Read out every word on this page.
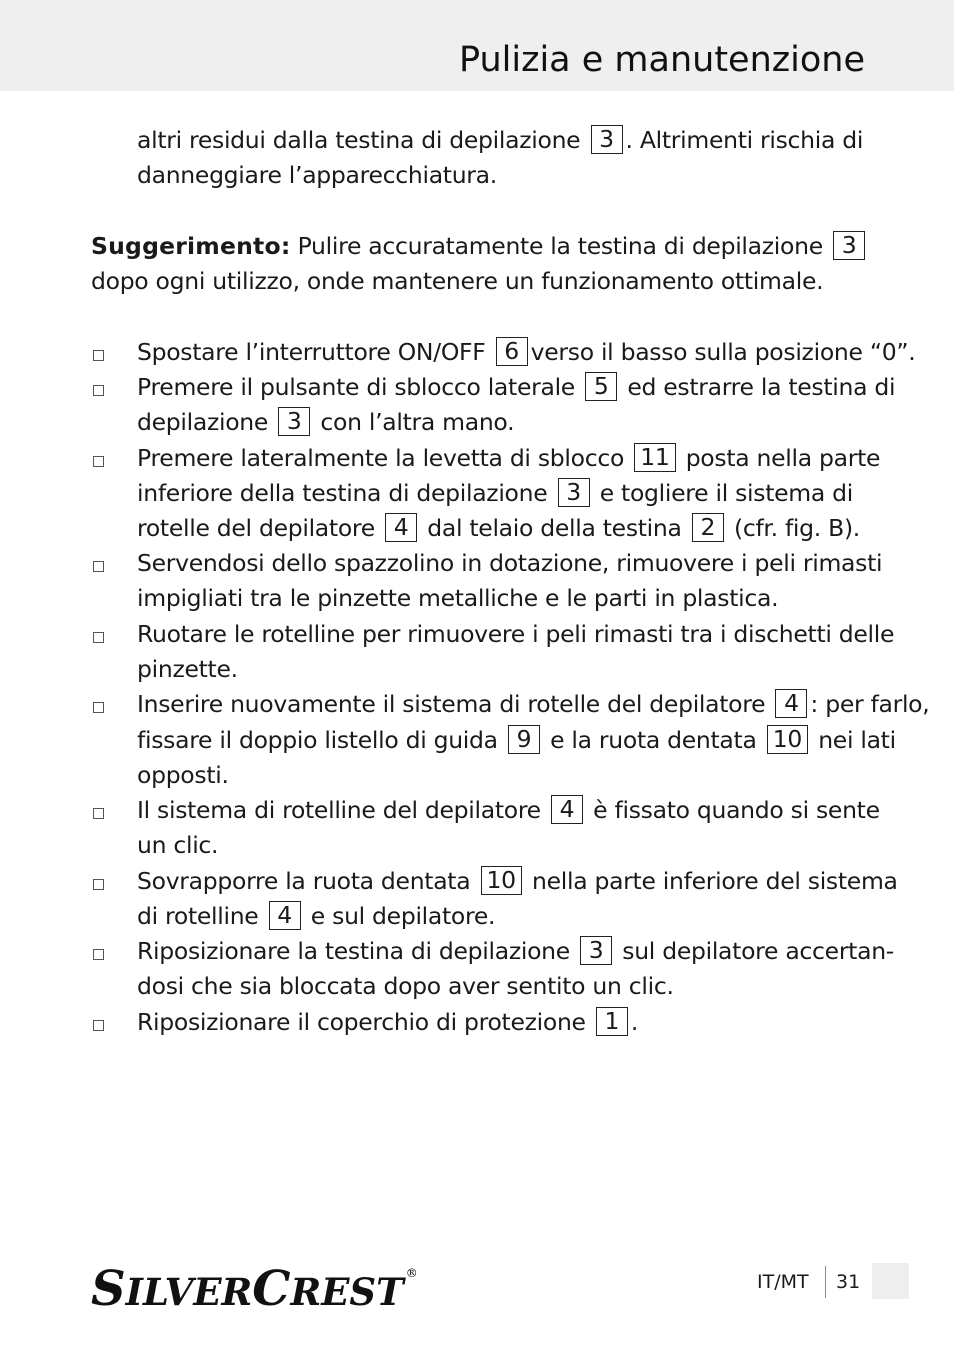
Pulizia e manutenzione
altri residui dalla testina di depilazione 3 . Altrimenti rischia di
danneggiare l’apparecchiatura.
Suggerimento: Pulire accuratamente la testina di depilazione 3
dopo ogni utilizzo, onde mantenere un funzionamento ottimale.
Spostare l’interruttore ON/OFF 6 verso il basso sulla posizione “0”.
Premere il pulsante di sblocco laterale 5 ed estrarre la testina di
depilazione 3 con l’altra mano.
Premere lateralmente la levetta di sblocco 11 posta nella parte
inferiore della testina di depilazione 3 e togliere il sistema di
rotelle del depilatore 4 dal telaio della testina 2 (cfr. fig. B).
Servendosi dello spazzolino in dotazione, rimuovere i peli rimasti
impigliati tra le pinzette metalliche e le parti in plastica.
Ruotare le rotelline per rimuovere i peli rimasti tra i dischetti delle
pinzette.
Inserire nuovamente il sistema di rotelle del depilatore 4 : per farlo,
fissare il doppio listello di guida 9 e la ruota dentata 10 nei lati
opposti.
Il sistema di rotelline del depilatore 4 è fissato quando si sente
un clic.
Sovrapporre la ruota dentata 10 nella parte inferiore del sistema
di rotelline 4 e sul depilatore.
Riposizionare la testina di depilazione 3 sul depilatore accertan-
dosi che sia bloccata dopo aver sentito un clic.
Riposizionare il coperchio di protezione 1 .
SILVERCREST ®	IT/MT 31
